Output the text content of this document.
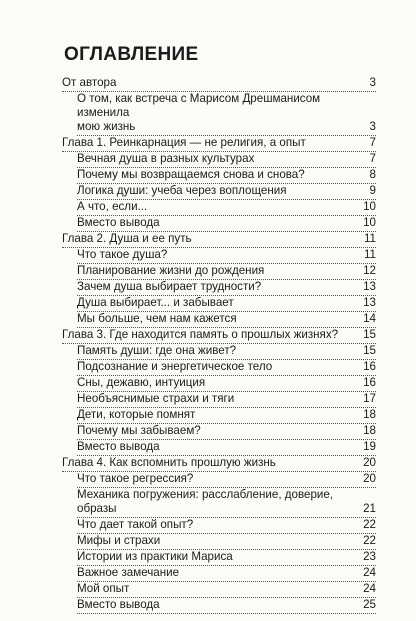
ОГЛАВЛЕНИЕ
От автора	3
О том, как встреча с Марисом Дрешманисом изменила
мою жизнь	3
Глава 1. Реинкарнация — не религия, а опыт	7
Вечная душа в разных культурах	7
Почему мы возвращаемся снова и снова?	8
Логика души: учеба через воплощения	9
А что, если...	10
Вместо вывода	10
Глава 2. Душа и ее путь	11
Что такое душа?	11
Планирование жизни до рождения	12
Зачем душа выбирает трудности?	13
Душа выбирает... и забывает	13
Мы больше, чем нам кажется	14
Глава 3. Где находится память о прошлых жизнях?	15
Память души: где она живет?	15
Подсознание и энергетическое тело	16
Сны, дежавю, интуиция	16
Необъяснимые страхи и тяги	17
Дети, которые помнят	18
Почему мы забываем?	18
Вместо вывода	19
Глава 4. Как вспомнить прошлую жизнь	20
Что такое регрессия?	20
Механика погружения: расслабление, доверие, образы	21
Что дает такой опыт?	22
Мифы и страхи	22
Истории из практики Мариса	23
Важное замечание	24
Мой опыт	24
Вместо вывода	25
